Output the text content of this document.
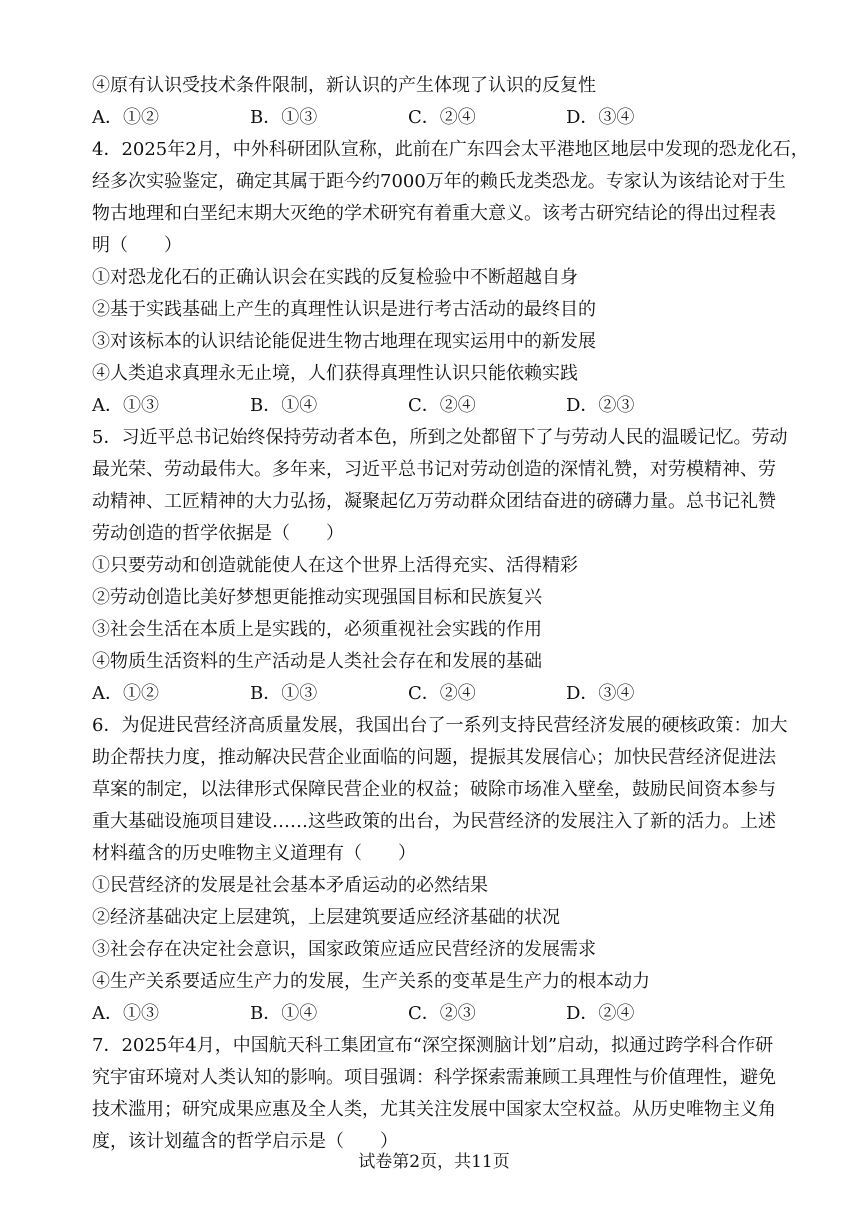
④原有认识受技术条件限制，新认识的产生体现了认识的反复性
A．①②	B．①③	C．②④	D．③④
4．2025年2月，中外科研团队宣称，此前在广东四会太平港地区地层中发现的恐龙化石，
经多次实验鉴定，确定其属于距今约7000万年的赖氏龙类恐龙。专家认为该结论对于生
物古地理和白垩纪末期大灭绝的学术研究有着重大意义。该考古研究结论的得出过程表
明（　　）
①对恐龙化石的正确认识会在实践的反复检验中不断超越自身
②基于实践基础上产生的真理性认识是进行考古活动的最终目的
③对该标本的认识结论能促进生物古地理在现实运用中的新发展
④人类追求真理永无止境，人们获得真理性认识只能依赖实践
A．①③	B．①④	C．②④	D．②③
5．习近平总书记始终保持劳动者本色，所到之处都留下了与劳动人民的温暖记忆。劳动
最光荣、劳动最伟大。多年来，习近平总书记对劳动创造的深情礼赞，对劳模精神、劳
动精神、工匠精神的大力弘扬，凝聚起亿万劳动群众团结奋进的磅礴力量。总书记礼赞
劳动创造的哲学依据是（　　）
①只要劳动和创造就能使人在这个世界上活得充实、活得精彩
②劳动创造比美好梦想更能推动实现强国目标和民族复兴
③社会生活在本质上是实践的，必须重视社会实践的作用
④物质生活资料的生产活动是人类社会存在和发展的基础
A．①②	B．①③	C．②④	D．③④
6．为促进民营经济高质量发展，我国出台了一系列支持民营经济发展的硬核政策：加大
助企帮扶力度，推动解决民营企业面临的问题，提振其发展信心；加快民营经济促进法
草案的制定，以法律形式保障民营企业的权益；破除市场准入壁垒，鼓励民间资本参与
重大基础设施项目建设……这些政策的出台，为民营经济的发展注入了新的活力。上述
材料蕴含的历史唯物主义道理有（　　）
①民营经济的发展是社会基本矛盾运动的必然结果
②经济基础决定上层建筑，上层建筑要适应经济基础的状况
③社会存在决定社会意识，国家政策应适应民营经济的发展需求
④生产关系要适应生产力的发展，生产关系的变革是生产力的根本动力
A．①③	B．①④	C．②③	D．②④
7．2025年4月，中国航天科工集团宣布“深空探测脑计划”启动，拟通过跨学科合作研
究宇宙环境对人类认知的影响。项目强调：科学探索需兼顾工具理性与价值理性，避免
技术滥用；研究成果应惠及全人类，尤其关注发展中国家太空权益。从历史唯物主义角
度，该计划蕴含的哲学启示是（　　）
试卷第2页，共11页
